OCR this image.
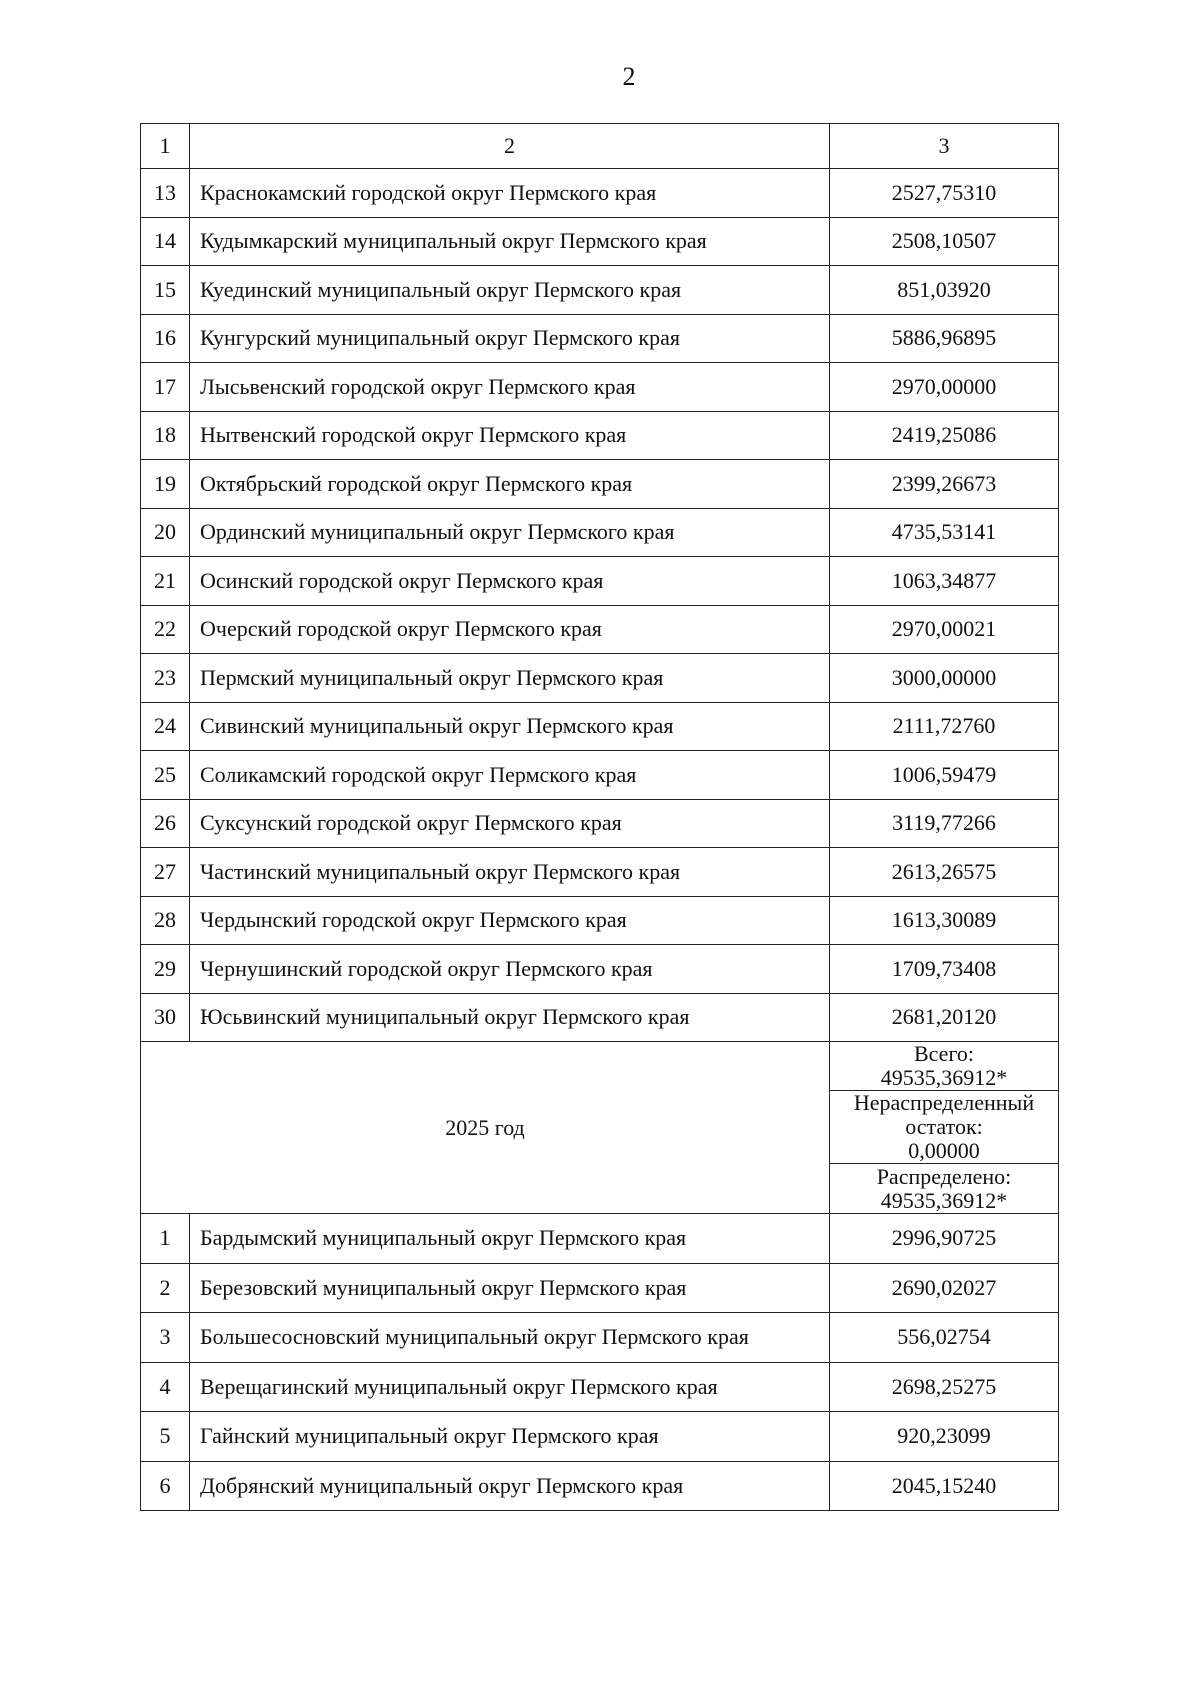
2
1	2	3
13	Краснокамский городской округ Пермского края	2527,75310
14	Кудымкарский муниципальный округ Пермского края	2508,10507
15	Куединский муниципальный округ Пермского края	851,03920
16	Кунгурский муниципальный округ Пермского края	5886,96895
17	Лысьвенский городской округ Пермского края	2970,00000
18	Нытвенский городской округ Пермского края	2419,25086
19	Октябрьский городской округ Пермского края	2399,26673
20	Ординский муниципальный округ Пермского края	4735,53141
21	Осинский городской округ Пермского края	1063,34877
22	Очерский городской округ Пермского края	2970,00021
23	Пермский муниципальный округ Пермского края	3000,00000
24	Сивинский муниципальный округ Пермского края	2111,72760
25	Соликамский городской округ Пермского края	1006,59479
26	Суксунский городской округ Пермского края	3119,77266
27	Частинский муниципальный округ Пермского края	2613,26575
28	Чердынский городской округ Пермского края	1613,30089
29	Чернушинский городской округ Пермского края	1709,73408
30	Юсьвинский муниципальный округ Пермского края	2681,20120
2025 год		Всего:
49535,36912*

		Нераспределенный
остаток:
0,00000

		Распределено:
49535,36912*

1	Бардымский муниципальный округ Пермского края	2996,90725
2	Березовский муниципальный округ Пермского края	2690,02027
3	Большесосновский муниципальный округ Пермского края	556,02754
4	Верещагинский муниципальный округ Пермского края	2698,25275
5	Гайнский муниципальный округ Пермского края	920,23099
6	Добрянский муниципальный округ Пермского края	2045,15240
